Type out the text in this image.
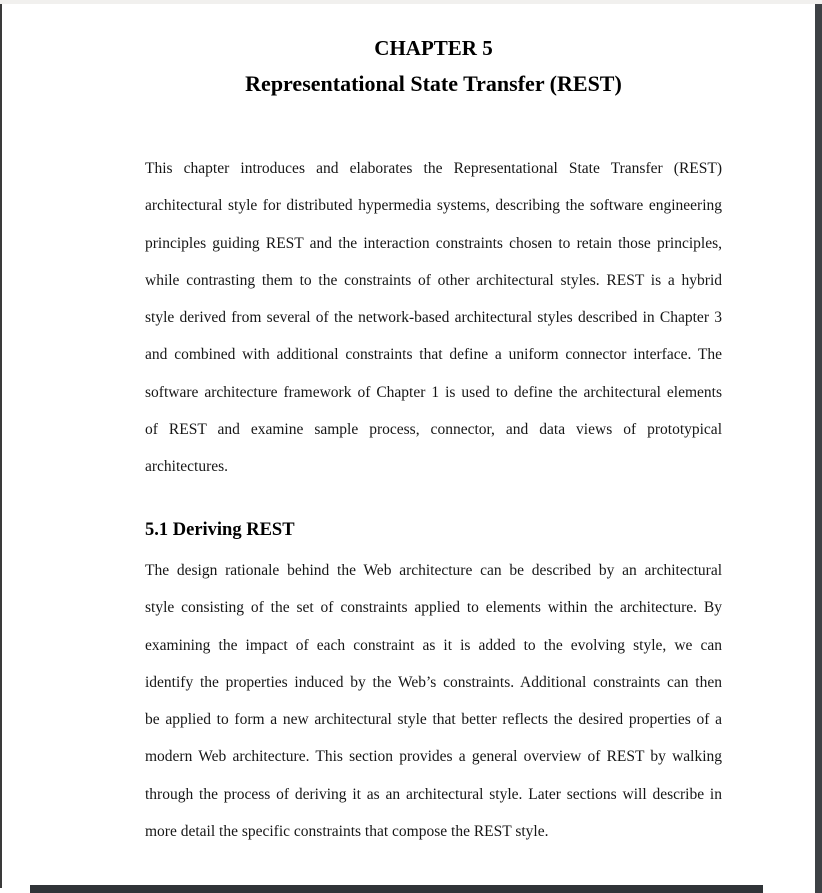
CHAPTER 5
Representational State Transfer (REST)
This chapter introduces and elaborates the Representational State Transfer (REST)
architectural style for distributed hypermedia systems, describing the software engineering
principles guiding REST and the interaction constraints chosen to retain those principles,
while contrasting them to the constraints of other architectural styles. REST is a hybrid
style derived from several of the network-based architectural styles described in Chapter 3
and combined with additional constraints that define a uniform connector interface. The
software architecture framework of Chapter 1 is used to define the architectural elements
of REST and examine sample process, connector, and data views of prototypical
architectures.
5.1 Deriving REST
The design rationale behind the Web architecture can be described by an architectural
style consisting of the set of constraints applied to elements within the architecture. By
examining the impact of each constraint as it is added to the evolving style, we can
identify the properties induced by the Web’s constraints. Additional constraints can then
be applied to form a new architectural style that better reflects the desired properties of a
modern Web architecture. This section provides a general overview of REST by walking
through the process of deriving it as an architectural style. Later sections will describe in
more detail the specific constraints that compose the REST style.
